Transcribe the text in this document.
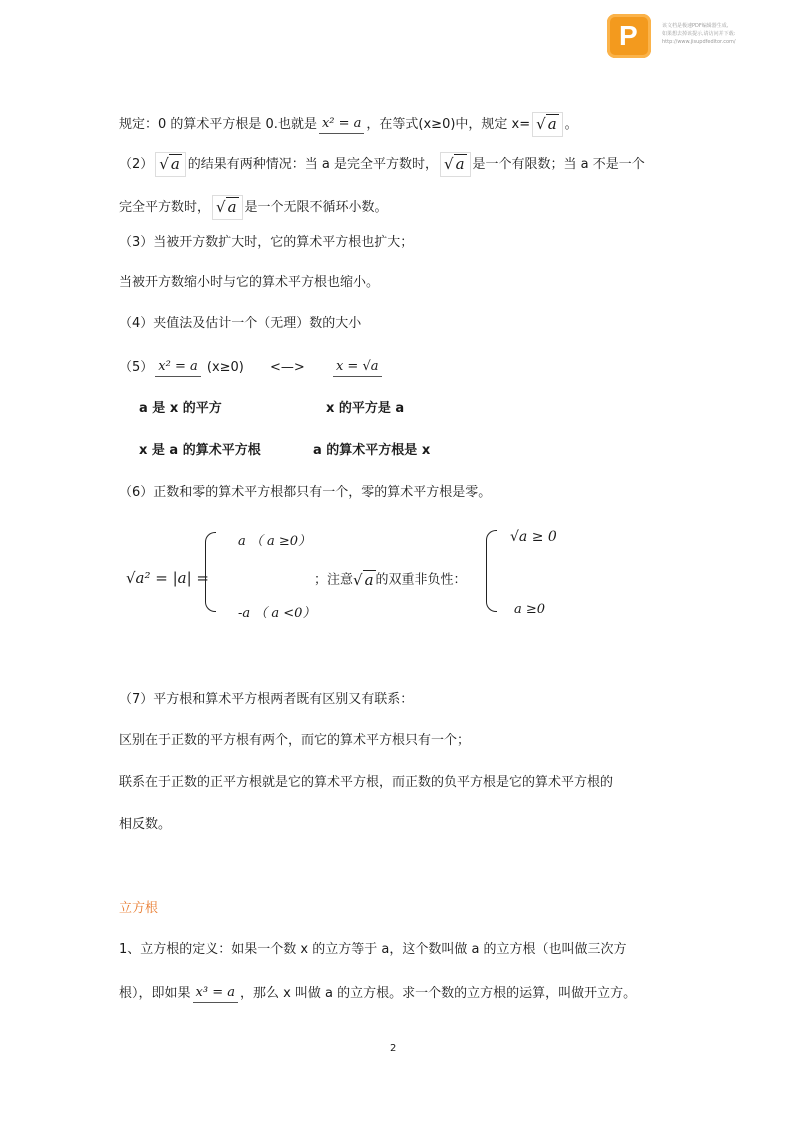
P	该文档是极速PDF编辑器生成,
如果想去掉该提示,请访问并下载:
http://www.jisupdfeditor.com/
规定：0 的算术平方根是 0.也就是 x² = a ，在等式(x≥0)中，规定 x= √ a 。
（2） √ a 的结果有两种情况：当 a 是完全平方数时， √ a 是一个有限数；当 a 不是一个
完全平方数时， √ a 是一个无限不循环小数。
（3）当被开方数扩大时，它的算术平方根也扩大；
当被开方数缩小时与它的算术平方根也缩小。
（4）夹值法及估计一个（无理）数的大小
（5） x² = a (x≥0) <—> x = √a
a 是 x 的平方	x 的平方是 a
x 是 a 的算术平方根	a 的算术平方根是 x
（6）正数和零的算术平方根都只有一个，零的算术平方根是零。
√a² = |a| =
a （ a ≥0）
-a （ a <0）
；注意√ a 的双重非负性：
√a ≥ 0
a ≥0
（7）平方根和算术平方根两者既有区别又有联系：
区别在于正数的平方根有两个，而它的算术平方根只有一个；
联系在于正数的正平方根就是它的算术平方根，而正数的负平方根是它的算术平方根的
相反数。
立方根
1、立方根的定义：如果一个数 x 的立方等于 a，这个数叫做 a 的立方根（也叫做三次方
根），即如果 x³ = a ，那么 x 叫做 a 的立方根。求一个数的立方根的运算，叫做开立方。
2
